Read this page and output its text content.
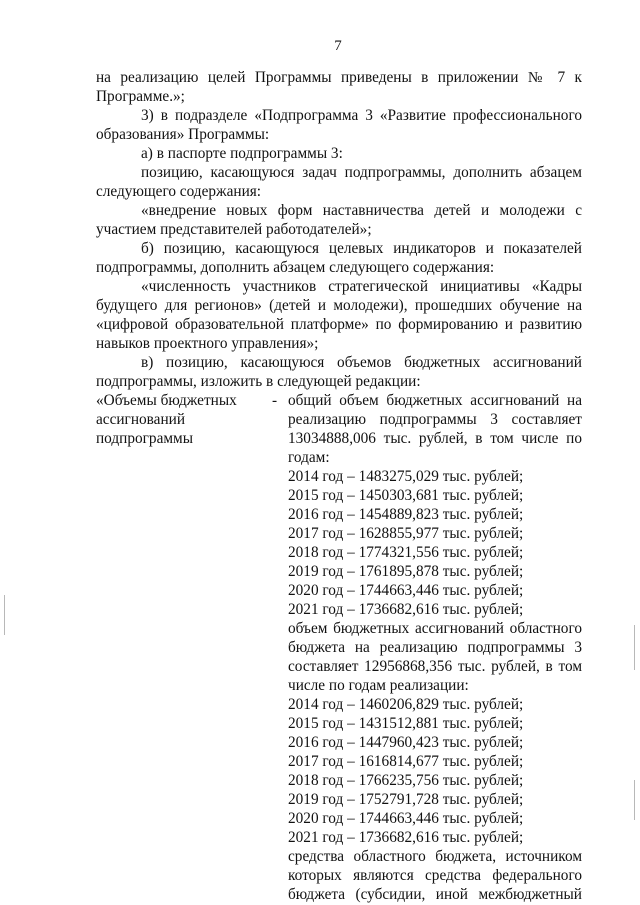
7
на реализацию целей Программы приведены в приложении № 7 к
Программе.»;
3) в подразделе «Подпрограмма 3 «Развитие профессионального
образования» Программы:
а) в паспорте подпрограммы 3:
позицию, касающуюся задач подпрограммы, дополнить абзацем
следующего содержания:
«внедрение новых форм наставничества детей и молодежи с
участием представителей работодателей»;
б) позицию, касающуюся целевых индикаторов и показателей
подпрограммы, дополнить абзацем следующего содержания:
«численность участников стратегической инициативы «Кадры
будущего для регионов» (детей и молодежи), прошедших обучение на
«цифровой образовательной платформе» по формированию и развитию
навыков проектного управления»;
в) позицию, касающуюся объемов бюджетных ассигнований
подпрограммы, изложить в следующей редакции:
«Объемы бюджетных
ассигнований
подпрограммы
- общий объем бюджетных ассигнований на
реализацию подпрограммы 3 составляет
13034888,006 тыс. рублей, в том числе по
годам:
2014 год – 1483275,029 тыс. рублей;
2015 год – 1450303,681 тыс. рублей;
2016 год – 1454889,823 тыс. рублей;
2017 год – 1628855,977 тыс. рублей;
2018 год – 1774321,556 тыс. рублей;
2019 год – 1761895,878 тыс. рублей;
2020 год – 1744663,446 тыс. рублей;
2021 год – 1736682,616 тыс. рублей;
объем бюджетных ассигнований областного
бюджета на реализацию подпрограммы 3
составляет 12956868,356 тыс. рублей, в том
числе по годам реализации:
2014 год – 1460206,829 тыс. рублей;
2015 год – 1431512,881 тыс. рублей;
2016 год – 1447960,423 тыс. рублей;
2017 год – 1616814,677 тыс. рублей;
2018 год – 1766235,756 тыс. рублей;
2019 год – 1752791,728 тыс. рублей;
2020 год – 1744663,446 тыс. рублей;
2021 год – 1736682,616 тыс. рублей;
средства областного бюджета, источником
которых являются средства федерального
бюджета (субсидии, иной межбюджетный
